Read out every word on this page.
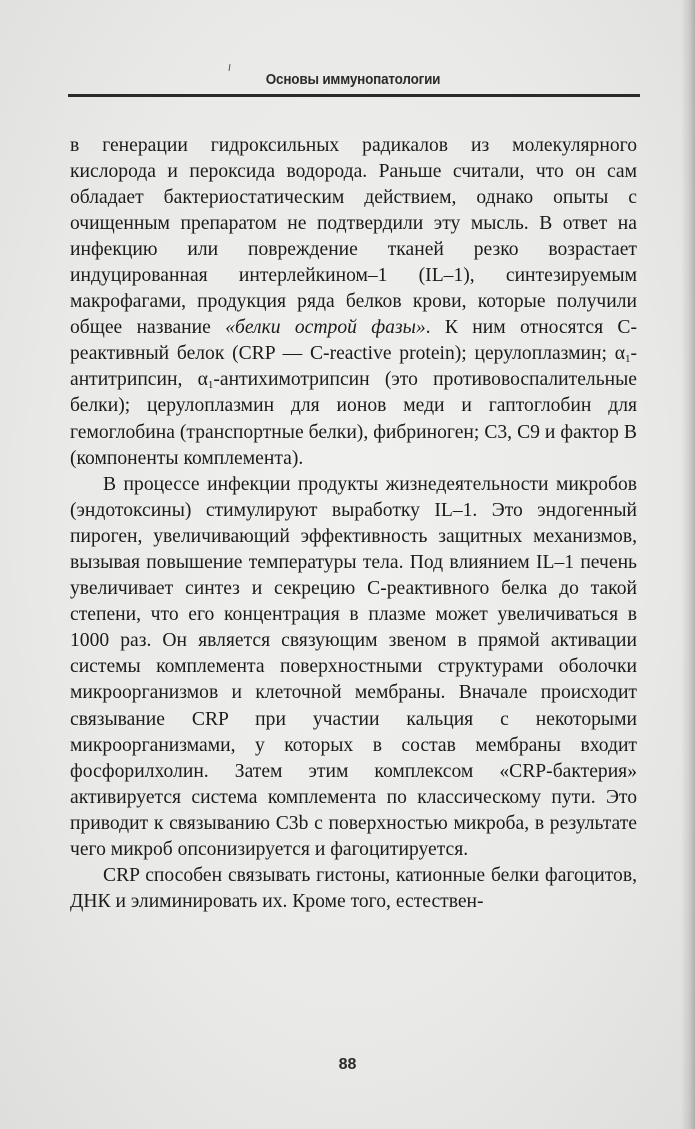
Основы иммунопатологии

в генерации гидроксильных радикалов из молекулярного кислорода и пероксида водорода. Раньше считали, что он сам обладает бактериостатическим действием, однако опыты с очищенным препаратом не подтвердили эту мысль. В ответ на инфекцию или повреждение тканей резко возрастает индуцированная интерлейкином–1 (IL–1), синтезируемым макрофагами, продукция ряда белков крови, которые получили общее название «белки острой фазы». К ним относятся С-реактивный белок (CRP — C-reactive protein); церулоплазмин; $\alpha_1$-антитрипсин, $\alpha_1$-антихимотрипсин (это противовоспалительные белки); церулоплазмин для ионов меди и гаптоглобин для гемоглобина (транспортные белки), фибриноген; С3, С9 и фактор В (компоненты комплемента).

В процессе инфекции продукты жизнедеятельности микробов (эндотоксины) стимулируют выработку IL–1. Это эндогенный пироген, увеличивающий эффективность защитных механизмов, вызывая повышение температуры тела. Под влиянием IL–1 печень увеличивает синтез и секрецию С-реактивного белка до такой степени, что его концентрация в плазме может увеличиваться в 1000 раз. Он является связующим звеном в прямой активации системы комплемента поверхностными структурами оболочки микроорганизмов и клеточной мембраны. Вначале происходит связывание CRP при участии кальция с некоторыми микроорганизмами, у которых в состав мембраны входит фосфорилхолин. Затем этим комплексом «CRP-бактерия» активируется система комплемента по классическому пути. Это приводит к связыванию C3b с поверхностью микроба, в результате чего микроб опсонизируется и фагоцитируется.

CRP способен связывать гистоны, катионные белки фагоцитов, ДНК и элиминировать их. Кроме того, естествен-

88
